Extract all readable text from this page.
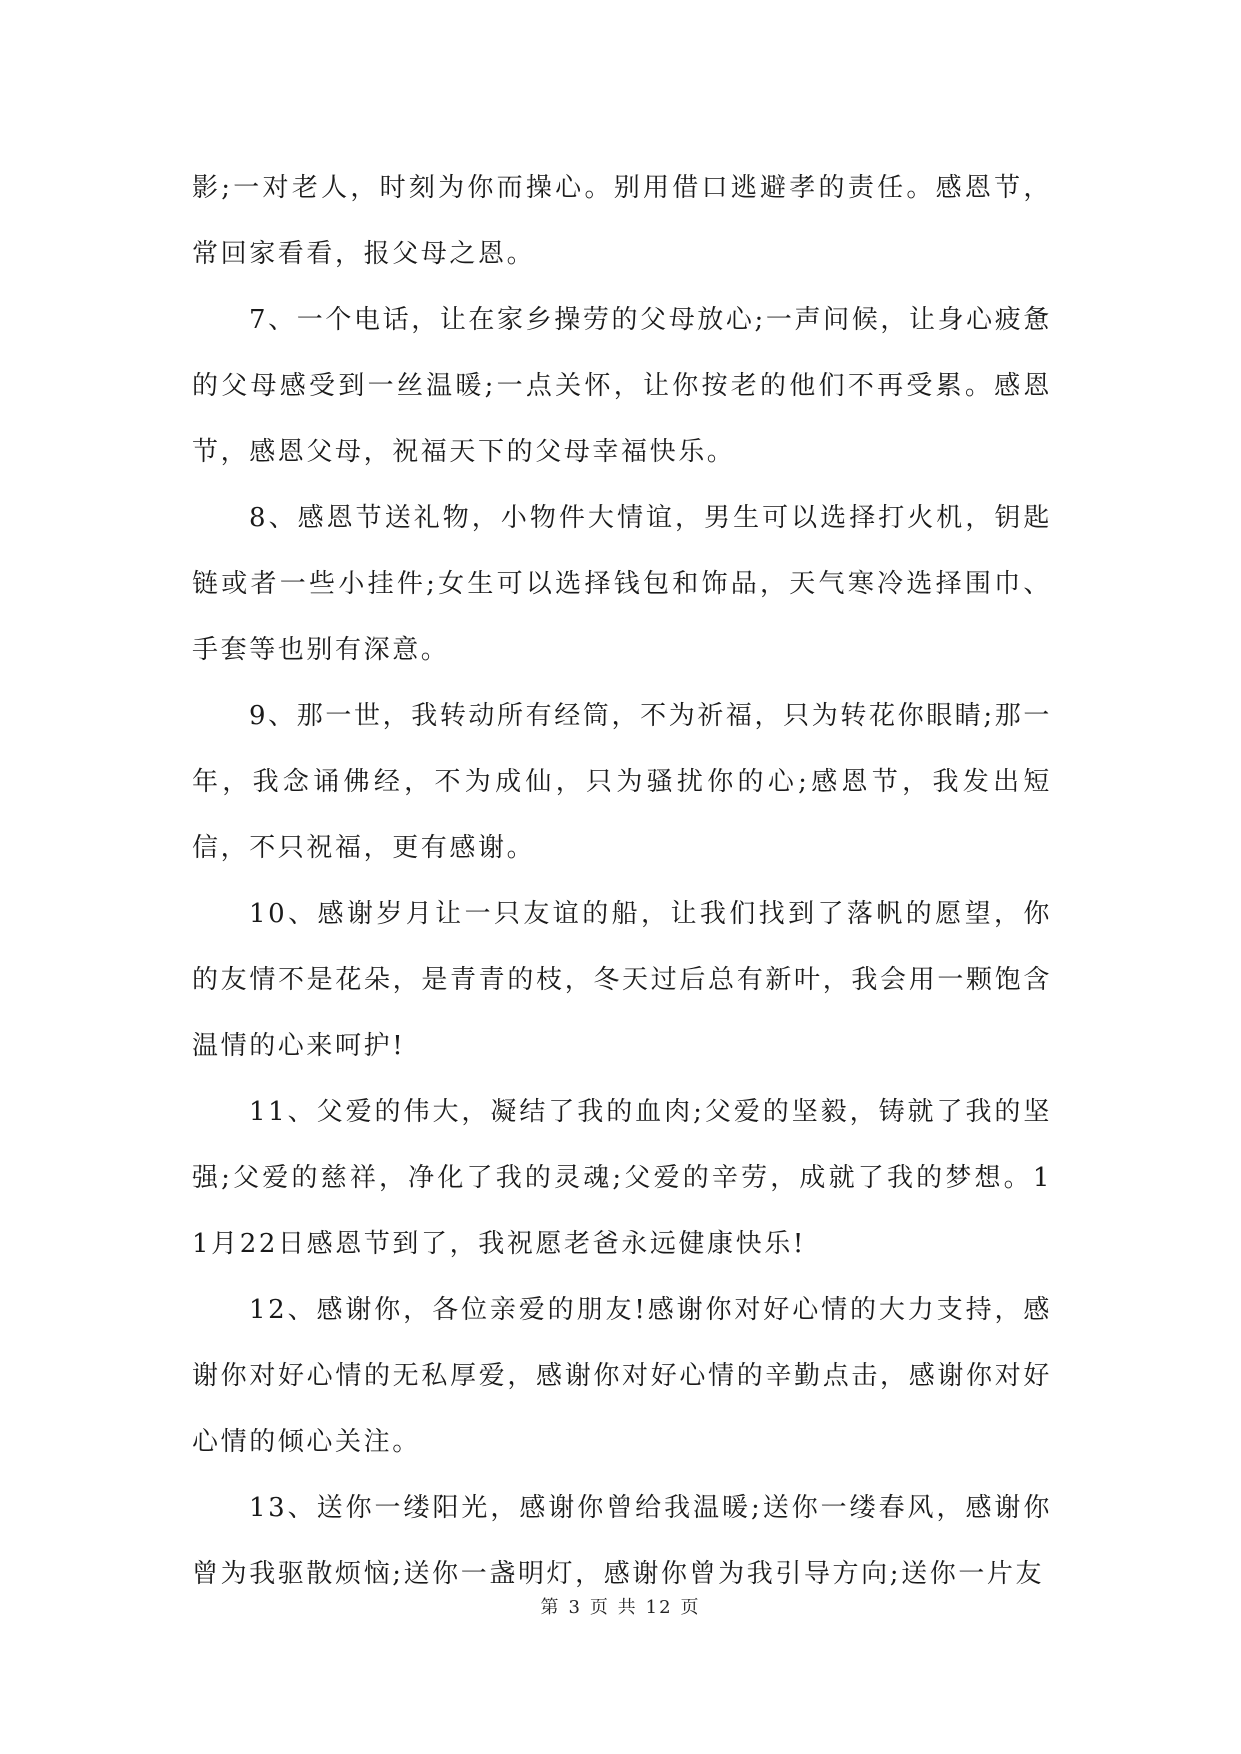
影;一对老人，时刻为你而操心。别用借口逃避孝的责任。感恩节，常回家看看，报父母之恩。

7、一个电话，让在家乡操劳的父母放心;一声问候，让身心疲惫的父母感受到一丝温暖;一点关怀，让你按老的他们不再受累。感恩节，感恩父母，祝福天下的父母幸福快乐。

8、感恩节送礼物，小物件大情谊，男生可以选择打火机，钥匙链或者一些小挂件;女生可以选择钱包和饰品，天气寒冷选择围巾、手套等也别有深意。

9、那一世，我转动所有经筒，不为祈福，只为转花你眼睛;那一年，我念诵佛经，不为成仙，只为骚扰你的心;感恩节，我发出短信，不只祝福，更有感谢。

10、感谢岁月让一只友谊的船，让我们找到了落帆的愿望，你的友情不是花朵，是青青的枝，冬天过后总有新叶，我会用一颗饱含温情的心来呵护!

11、父爱的伟大，凝结了我的血肉;父爱的坚毅，铸就了我的坚强;父爱的慈祥，净化了我的灵魂;父爱的辛劳，成就了我的梦想。11月22日感恩节到了，我祝愿老爸永远健康快乐!

12、感谢你，各位亲爱的朋友!感谢你对好心情的大力支持，感谢你对好心情的无私厚爱，感谢你对好心情的辛勤点击，感谢你对好心情的倾心关注。

13、送你一缕阳光，感谢你曾给我温暖;送你一缕春风，感谢你曾为我驱散烦恼;送你一盏明灯，感谢你曾为我引导方向;送你一片友

第 3 页 共 12 页
